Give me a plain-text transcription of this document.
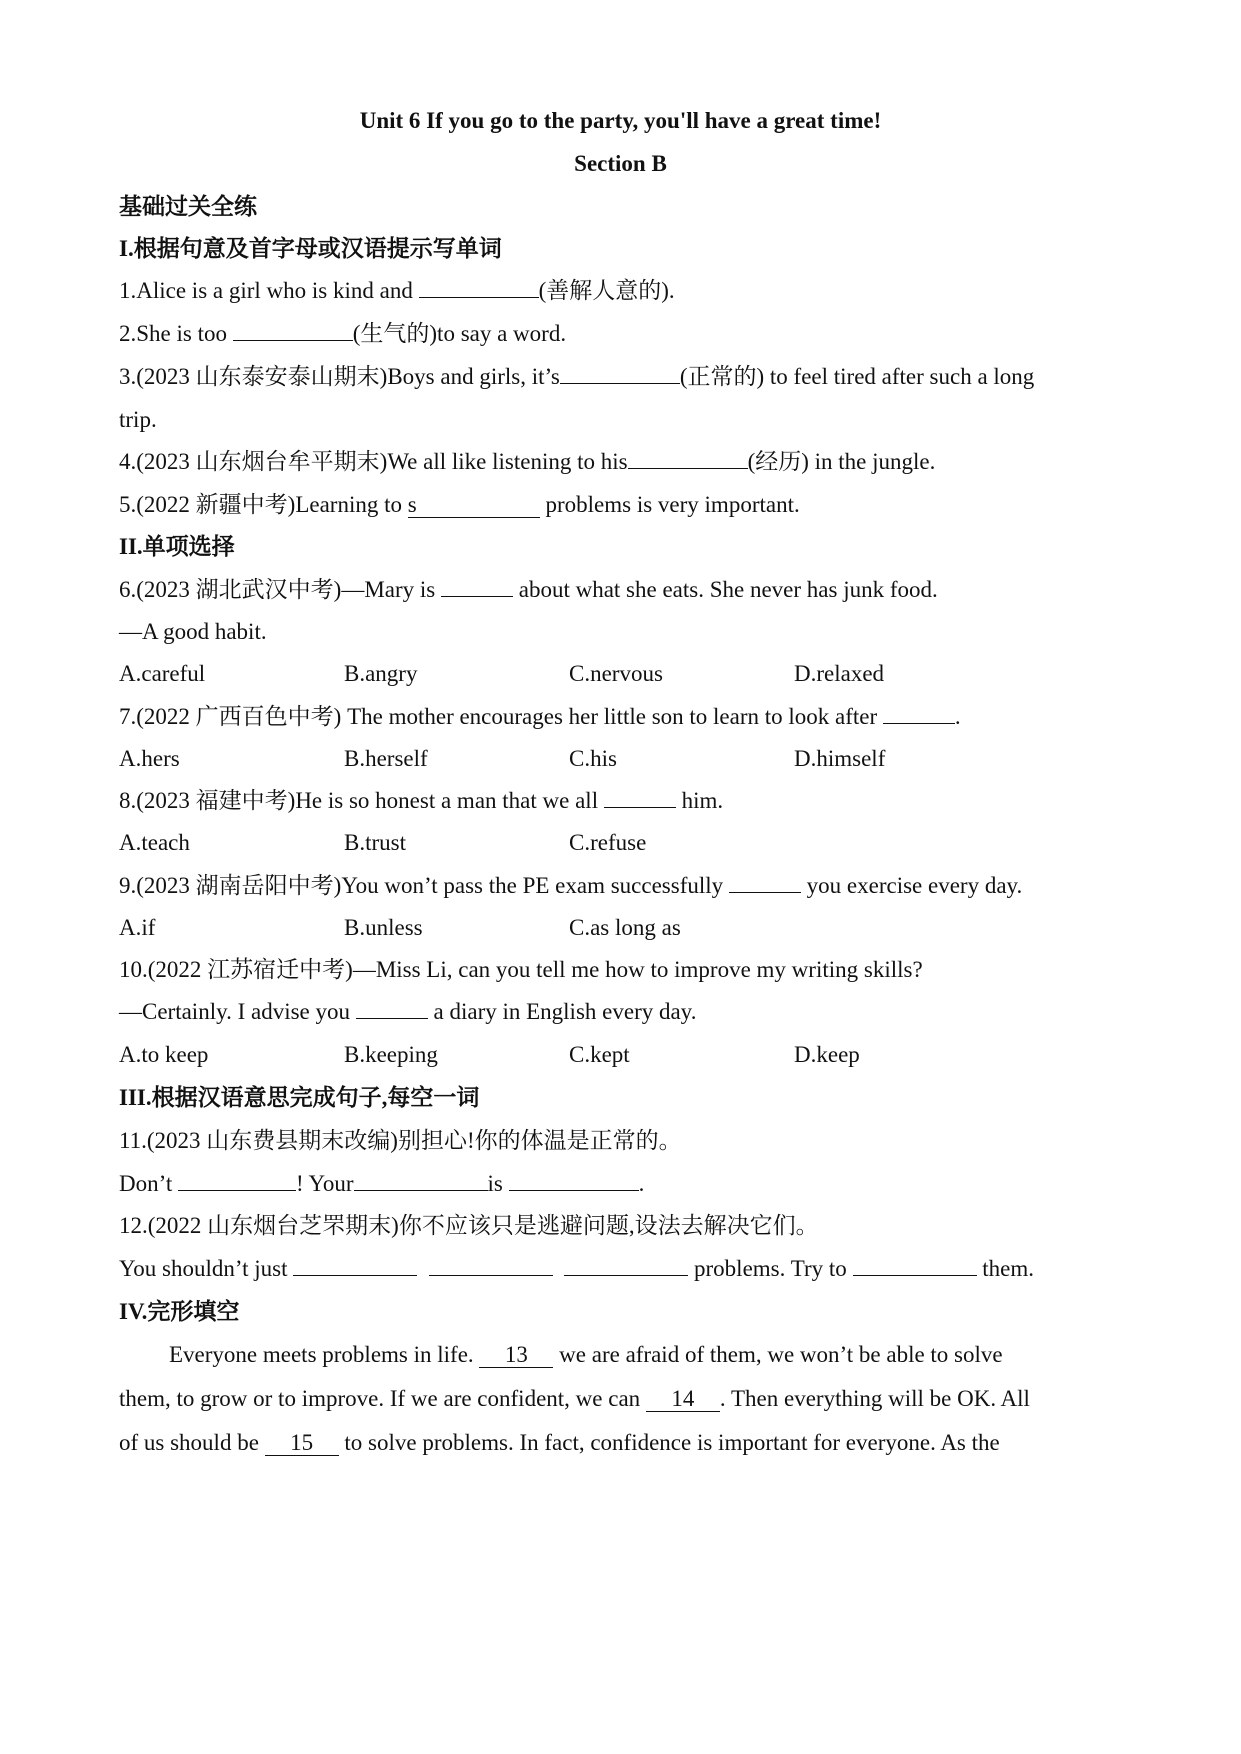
Unit 6 If you go to the party, you'll have a great time!
Section B
基础过关全练
I.根据句意及首字母或汉语提示写单词
1.Alice is a girl who is kind and	(善解人意的).
2.She is too	(生气的)to say a word.
3.(2023 山东泰安泰山期末)Boys and girls, it’s	(正常的) to feel tired after such a long
trip.
4.(2023 山东烟台牟平期末)We all like listening to his	(经历) in the jungle.
5.(2022 新疆中考)Learning to s	problems is very important.
II.单项选择
6.(2023 湖北武汉中考)—Mary is	about what she eats. She never has junk food.
—A good habit.
A.careful	B.angry	C.nervous	D.relaxed
7.(2022 广西百色中考) The mother encourages her little son to learn to look after	.
A.hers	B.herself	C.his	D.himself
8.(2023 福建中考)He is so honest a man that we all	him.
A.teach	B.trust	C.refuse
9.(2023 湖南岳阳中考)You won’t pass the PE exam successfully	you exercise every day.
A.if	B.unless	C.as long as
10.(2022 江苏宿迁中考)—Miss Li, can you tell me how to improve my writing skills?
—Certainly. I advise you	a diary in English every day.
A.to keep	B.keeping	C.kept	D.keep
III.根据汉语意思完成句子,每空一词
11.(2023 山东费县期末改编)别担心!你的体温是正常的。
Don’t	! Your	is	.
12.(2022 山东烟台芝罘期末)你不应该只是逃避问题,设法去解决它们。
You shouldn’t just	problems. Try to	them.
IV.完形填空
Everyone meets problems in life. 13 we are afraid of them, we won’t be able to solve
them, to grow or to improve. If we are confident, we can 14 . Then everything will be OK. All
of us should be 15 to solve problems. In fact, confidence is important for everyone. As the
